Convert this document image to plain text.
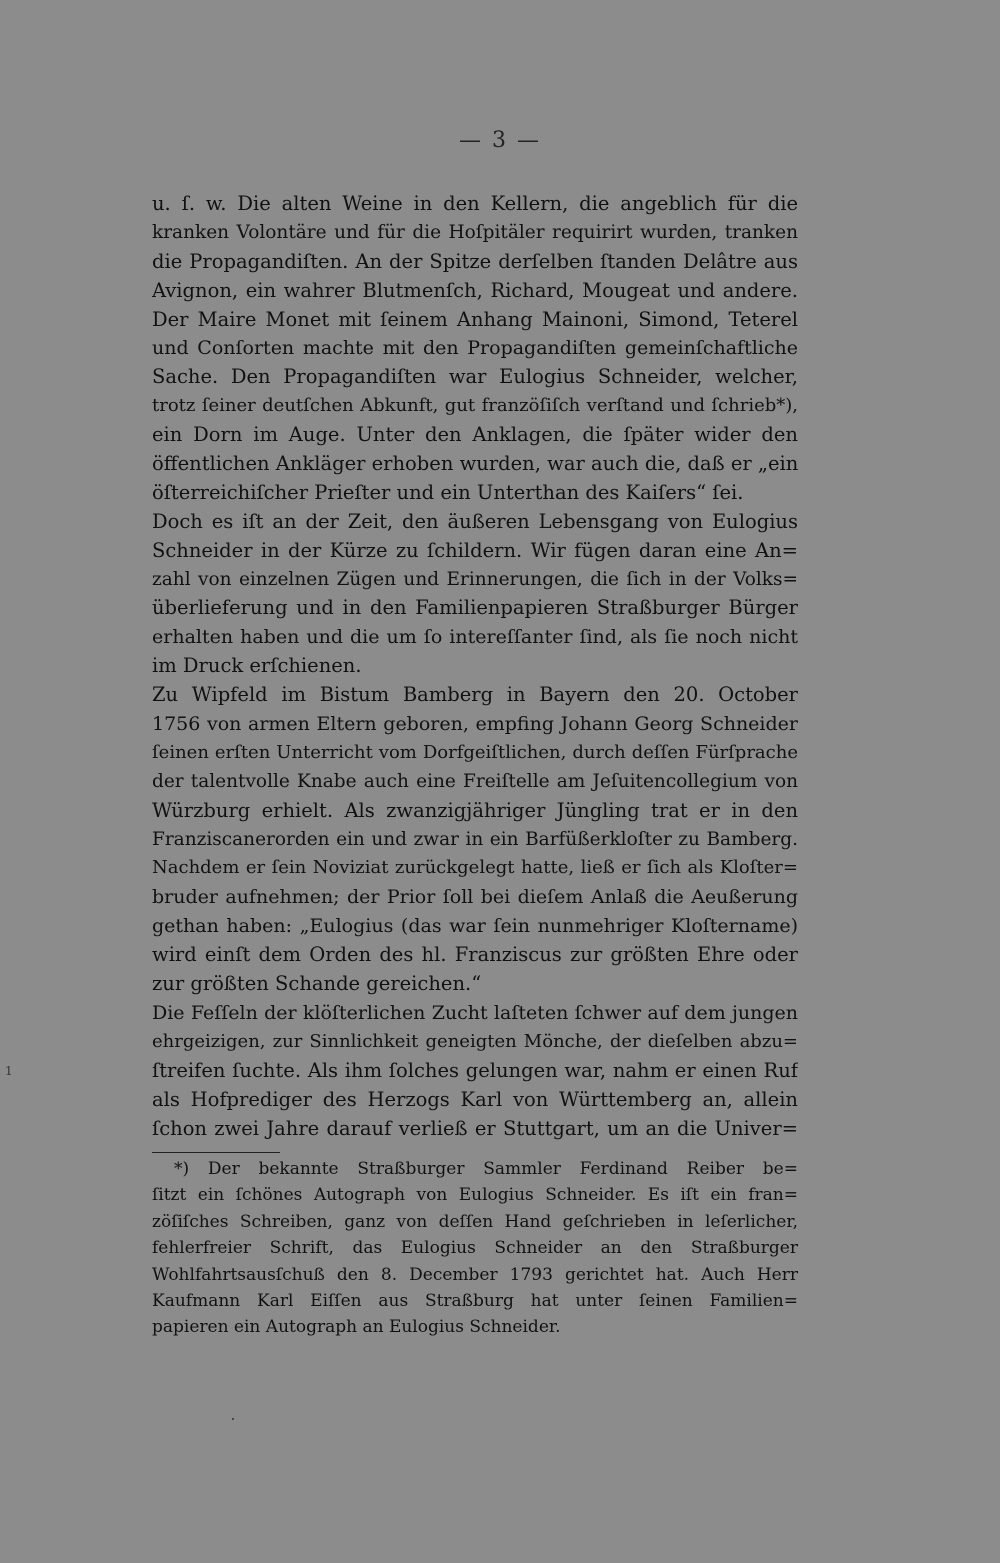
— 3 —
u. ſ. w. Die alten Weine in den Kellern, die angeblich für die
kranken Volontäre und für die Hoſpitäler requirirt wurden, tranken
die Propagandiſten. An der Spitze derſelben ſtanden Delâtre aus
Avignon, ein wahrer Blutmenſch, Richard, Mougeat und andere.
Der Maire Monet mit ſeinem Anhang Mainoni, Simond, Teterel
und Conſorten machte mit den Propagandiſten gemeinſchaftliche
Sache. Den Propagandiſten war Eulogius Schneider, welcher,
trotz ſeiner deutſchen Abkunft, gut franzöſiſch verſtand und ſchrieb*),
ein Dorn im Auge. Unter den Anklagen, die ſpäter wider den
öffentlichen Ankläger erhoben wurden, war auch die, daß er „ein
öſterreichiſcher Prieſter und ein Unterthan des Kaiſers“ ſei.
Doch es iſt an der Zeit, den äußeren Lebensgang von Eulogius
Schneider in der Kürze zu ſchildern. Wir fügen daran eine An=
zahl von einzelnen Zügen und Erinnerungen, die ſich in der Volks=
überlieferung und in den Familienpapieren Straßburger Bürger
erhalten haben und die um ſo intereſſanter ſind, als ſie noch nicht
im Druck erſchienen.
Zu Wipfeld im Bistum Bamberg in Bayern den 20. October
1756 von armen Eltern geboren, empfing Johann Georg Schneider
ſeinen erſten Unterricht vom Dorfgeiſtlichen, durch deſſen Fürſprache
der talentvolle Knabe auch eine Freiſtelle am Jeſuitencollegium von
Würzburg erhielt. Als zwanzigjähriger Jüngling trat er in den
Franziscanerorden ein und zwar in ein Barfüßerkloſter zu Bamberg.
Nachdem er ſein Noviziat zurückgelegt hatte, ließ er ſich als Kloſter=
bruder aufnehmen; der Prior ſoll bei dieſem Anlaß die Aeußerung
gethan haben: „Eulogius (das war ſein nunmehriger Kloſtername)
wird einſt dem Orden des hl. Franziscus zur größten Ehre oder
zur größten Schande gereichen.“
Die Feſſeln der klöſterlichen Zucht laſteten ſchwer auf dem jungen
ehrgeizigen, zur Sinnlichkeit geneigten Mönche, der dieſelben abzu=
ſtreifen ſuchte. Als ihm ſolches gelungen war, nahm er einen Ruf
als Hofprediger des Herzogs Karl von Württemberg an, allein
ſchon zwei Jahre darauf verließ er Stuttgart, um an die Univer=
*) Der bekannte Straßburger Sammler Ferdinand Reiber be=
ſitzt ein ſchönes Autograph von Eulogius Schneider. Es iſt ein fran=
zöſiſches Schreiben, ganz von deſſen Hand geſchrieben in leſerlicher,
fehlerfreier Schrift, das Eulogius Schneider an den Straßburger
Wohlfahrtsausſchuß den 8. December 1793 gerichtet hat. Auch Herr
Kaufmann Karl Eiſſen aus Straßburg hat unter ſeinen Familien=
papieren ein Autograph an Eulogius Schneider.
1
